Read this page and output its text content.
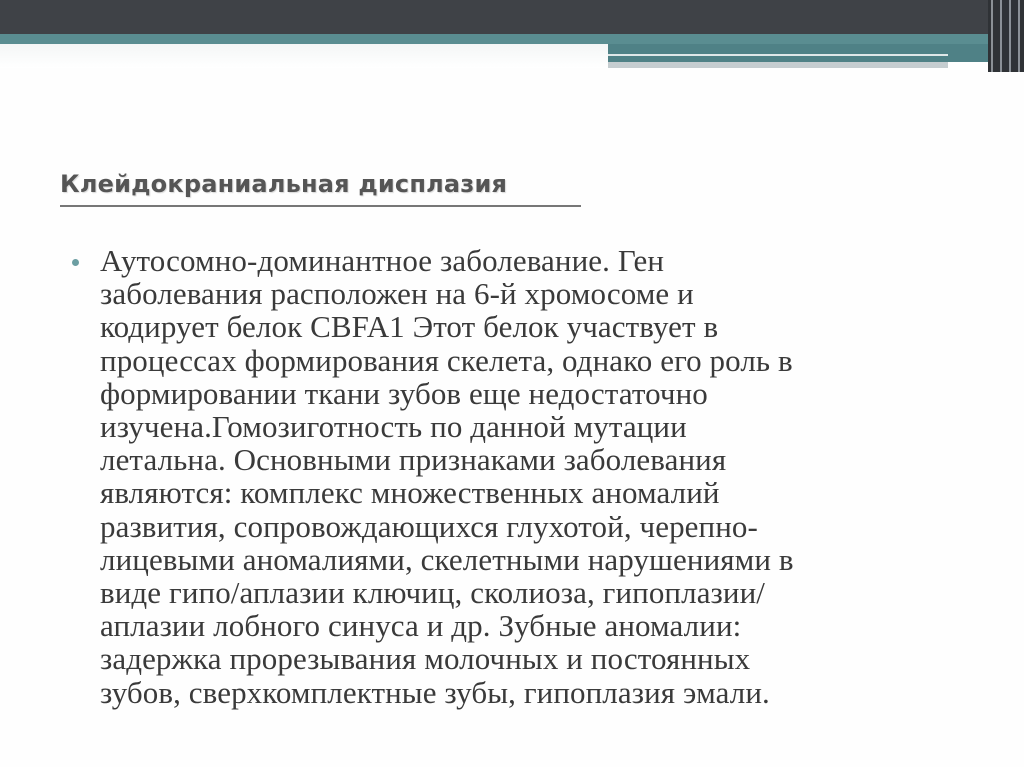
Клейдокраниальная дисплазия
Аутосомно-доминантное заболевание. Ген
заболевания расположен на 6-й хромосоме и
кодирует белок CBFA1 Этот белок участвует в
процессах формирования скелета, однако его роль в
формировании ткани зубов еще недостаточно
изучена.Гомозиготность по данной мутации
летальна. Основными признаками заболевания
являются: комплекс множественных аномалий
развития, сопровождающихся глухотой, черепно-
лицевыми аномалиями, скелетными нарушениями в
виде гипо/аплазии ключиц, сколиоза, гипоплазии/
аплазии лобного синуса и др. Зубные аномалии:
задержка прорезывания молочных и постоянных
зубов, сверхкомплектные зубы, гипоплазия эмали.
